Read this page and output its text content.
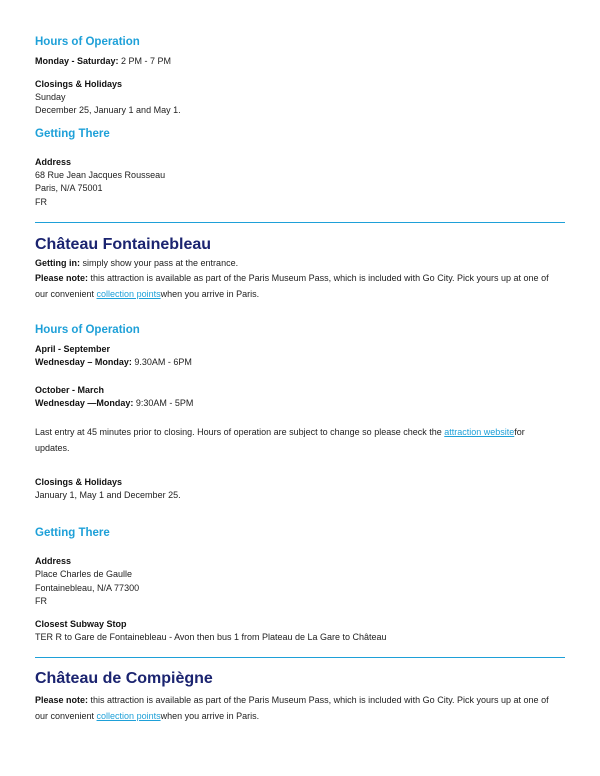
Hours of Operation
Monday - Saturday: 2 PM - 7 PM
Closings & Holidays
Sunday
December 25, January 1 and May 1.
Getting There
Address
68 Rue Jean Jacques Rousseau
Paris, N/A 75001
FR
Château Fontainebleau
Getting in: simply show your pass at the entrance.
Please note: this attraction is available as part of the Paris Museum Pass, which is included with Go City. Pick yours up at one of our convenient collection pointswhen you arrive in Paris.
Hours of Operation
April - September
Wednesday – Monday: 9.30AM - 6PM
October - March
Wednesday —Monday: 9:30AM - 5PM
Last entry at 45 minutes prior to closing. Hours of operation are subject to change so please check the attraction websitefor updates.
Closings & Holidays
January 1, May 1 and December 25.
Getting There
Address
Place Charles de Gaulle
Fontainebleau, N/A 77300
FR
Closest Subway Stop
TER R to Gare de Fontainebleau - Avon then bus 1 from Plateau de La Gare to Château
Château de Compiègne
Please note: this attraction is available as part of the Paris Museum Pass, which is included with Go City. Pick yours up at one of our convenient collection pointswhen you arrive in Paris.
